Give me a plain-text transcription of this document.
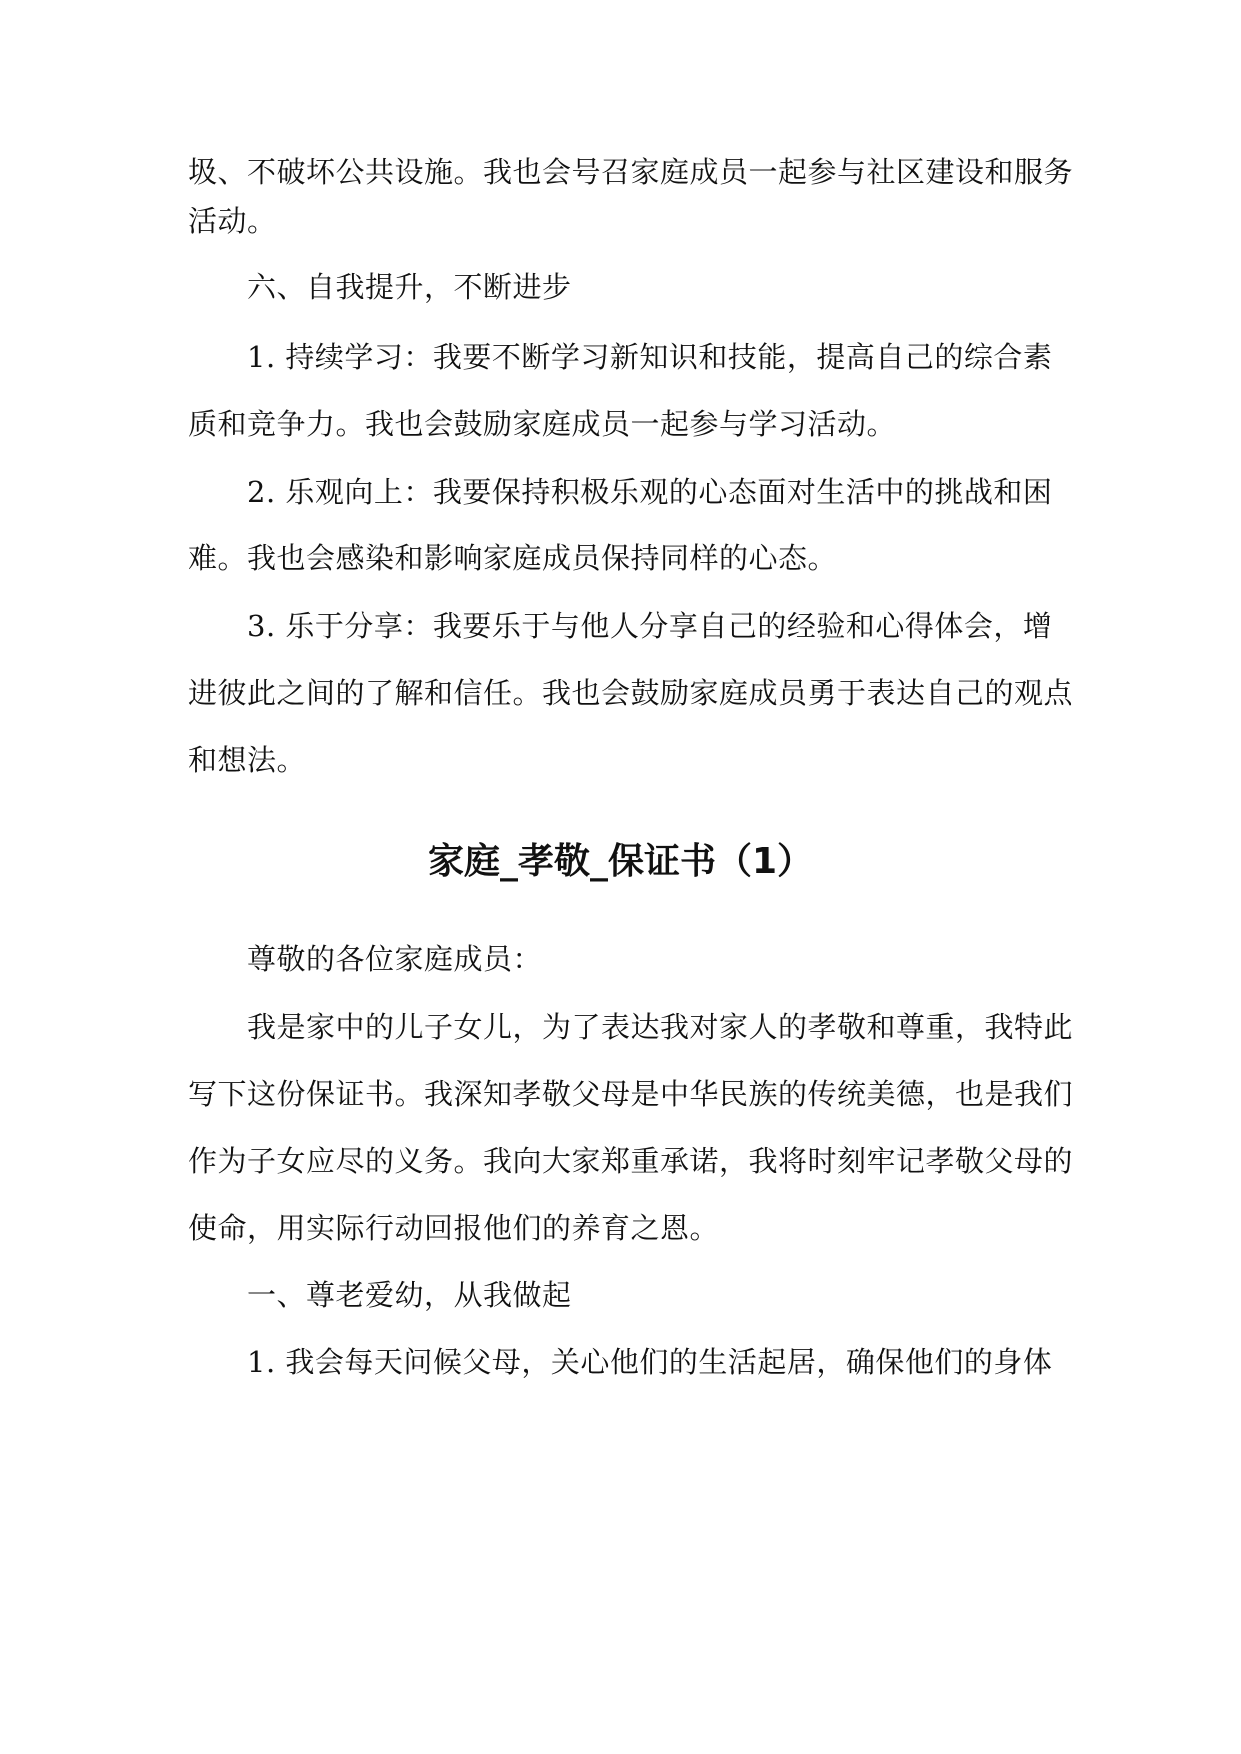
圾、不破坏公共设施。我也会号召家庭成员一起参与社区建设和服务
活动。
六、自我提升，不断进步
1. 持续学习：我要不断学习新知识和技能，提高自己的综合素
质和竞争力。我也会鼓励家庭成员一起参与学习活动。
2. 乐观向上：我要保持积极乐观的心态面对生活中的挑战和困
难。我也会感染和影响家庭成员保持同样的心态。
3. 乐于分享：我要乐于与他人分享自己的经验和心得体会，增
进彼此之间的了解和信任。我也会鼓励家庭成员勇于表达自己的观点
和想法。
家庭_孝敬_保证书（1）
尊敬的各位家庭成员：
我是家中的儿子女儿，为了表达我对家人的孝敬和尊重，我特此
写下这份保证书。我深知孝敬父母是中华民族的传统美德，也是我们
作为子女应尽的义务。我向大家郑重承诺，我将时刻牢记孝敬父母的
使命，用实际行动回报他们的养育之恩。
一、尊老爱幼，从我做起
1. 我会每天问候父母，关心他们的生活起居，确保他们的身体
